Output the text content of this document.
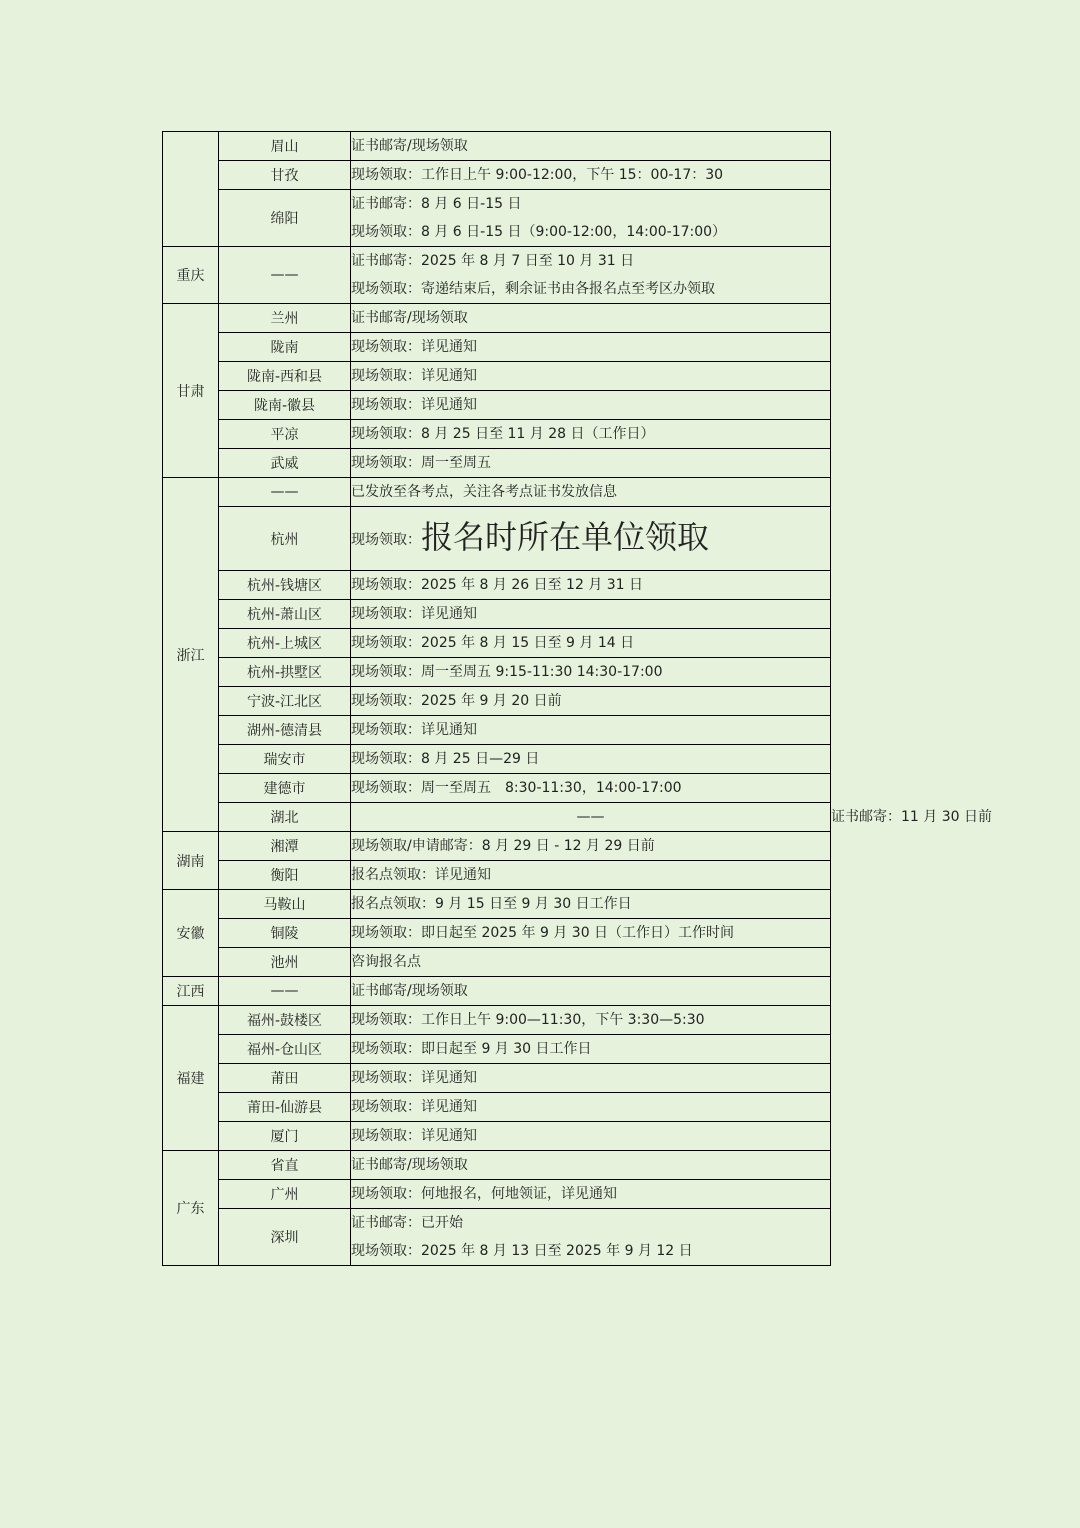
	眉山	证书邮寄/现场领取	

	甘孜	现场领取：工作日上午 9:00-12:00，下午 15：00-17：30	

	绵阳	证书邮寄：8 月 6 日-15 日
现场领取：8 月 6 日-15 日（9:00-12:00，14:00-17:00）	

重庆	——	证书邮寄：2025 年 8 月 7 日至 10 月 31 日
现场领取：寄递结束后，剩余证书由各报名点至考区办领取	

甘肃	兰州	证书邮寄/现场领取	

	陇南	现场领取：详见通知	

	陇南-西和县	现场领取：详见通知	

	陇南-徽县	现场领取：详见通知	

	平凉	现场领取：8 月 25 日至 11 月 28 日（工作日）	

	武威	现场领取：周一至周五	

浙江	——	已发放至各考点，关注各考点证书发放信息	

	杭州	现场领取：报名时所在单位领取	

	杭州-钱塘区	现场领取：2025 年 8 月 26 日至 12 月 31 日	

	杭州-萧山区	现场领取：详见通知	

	杭州-上城区	现场领取：2025 年 8 月 15 日至 9 月 14 日	

	杭州-拱墅区	现场领取：周一至周五 9:15-11:30 14:30-17:00	

	宁波-江北区	现场领取：2025 年 9 月 20 日前	

	湖州-德清县	现场领取：详见通知	

	瑞安市	现场领取：8 月 25 日—29 日	

	建德市	现场领取：周一至周五　8:30-11:30，14:00-17:00	

	湖北	——	证书邮寄：11 月 30 日前

湖南	湘潭	现场领取/申请邮寄：8 月 29 日 - 12 月 29 日前	

	衡阳	报名点领取：详见通知	

安徽	马鞍山	报名点领取：9 月 15 日至 9 月 30 日工作日	

	铜陵	现场领取：即日起至 2025 年 9 月 30 日（工作日）工作时间	

	池州	咨询报名点	

江西	——	证书邮寄/现场领取	

福建	福州-鼓楼区	现场领取：工作日上午 9:00—11:30，下午 3:30—5:30	

	福州-仓山区	现场领取：即日起至 9 月 30 日工作日	

	莆田	现场领取：详见通知	

	莆田-仙游县	现场领取：详见通知	

	厦门	现场领取：详见通知	

广东	省直	证书邮寄/现场领取	

	广州	现场领取：何地报名，何地领证，详见通知	

	深圳	证书邮寄：已开始
现场领取：2025 年 8 月 13 日至 2025 年 9 月 12 日	
